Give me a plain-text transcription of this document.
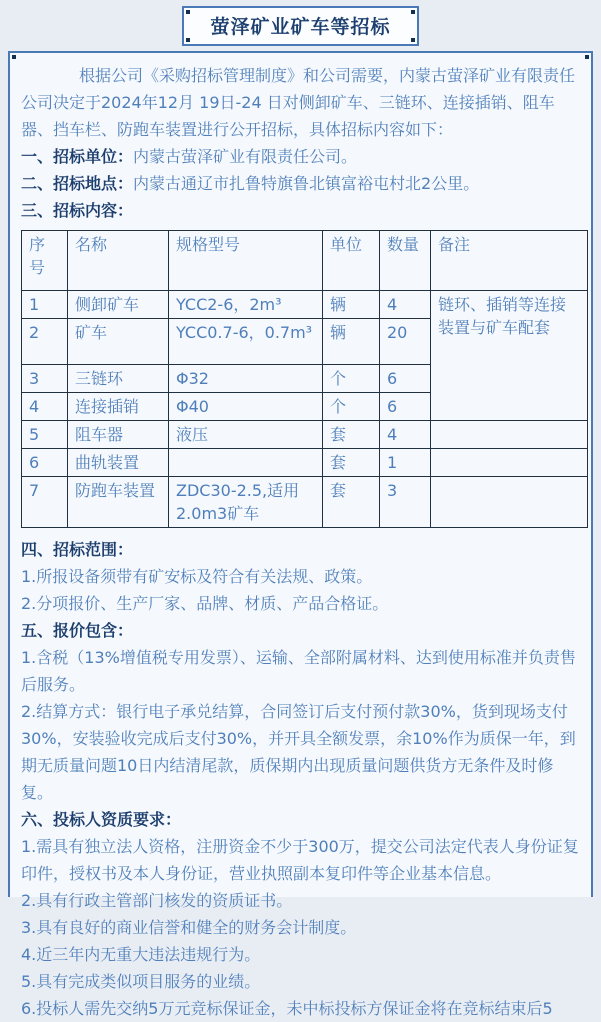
萤泽矿业矿车等招标

根据公司《采购招标管理制度》和公司需要，内蒙古萤泽矿业有限责任公司决定于2024年12月 19日-24 日对侧卸矿车、三链环、连接插销、阻车器、挡车栏、防跑车装置进行公开招标，具体招标内容如下：

一、招标单位：内蒙古萤泽矿业有限责任公司。

二、招标地点：内蒙古通辽市扎鲁特旗鲁北镇富裕屯村北2公里。

三、招标内容：

序号	名称	规格型号	单位	数量	备注
1	侧卸矿车	YCC2-6，2m³	辆	4	链环、插销等连接装置与矿车配套
2	矿车	YCC0.7-6，0.7m³	辆	20	
3	三链环	Φ32	个	6	
4	连接插销	Φ40	个	6	
5	阻车器	液压	套	4	
6	曲轨装置		套	1	
7	防跑车装置	ZDC30-2.5,适用2.0m3矿车	套	3	

四、招标范围：

1.所报设备须带有矿安标及符合有关法规、政策。

2.分项报价、生产厂家、品牌、材质、产品合格证。

五、报价包含：

1.含税（13%增值税专用发票）、运输、全部附属材料、达到使用标准并负责售后服务。

2.结算方式：银行电子承兑结算，合同签订后支付预付款30%，货到现场支付30%，安装验收完成后支付30%，并开具全额发票，余10%作为质保一年，到期无质量问题10日内结清尾款，质保期内出现质量问题供货方无条件及时修复。

六、投标人资质要求：

1.需具有独立法人资格，注册资金不少于300万，提交公司法定代表人身份证复印件，授权书及本人身份证，营业执照副本复印件等企业基本信息。

2.具有行政主管部门核发的资质证书。

3.具有良好的商业信誉和健全的财务会计制度。

4.近三年内无重大违法违规行为。

5.具有完成类似项目服务的业绩。

6.投标人需先交纳5万元竞标保证金，未中标投标方保证金将在竞标结束后5
